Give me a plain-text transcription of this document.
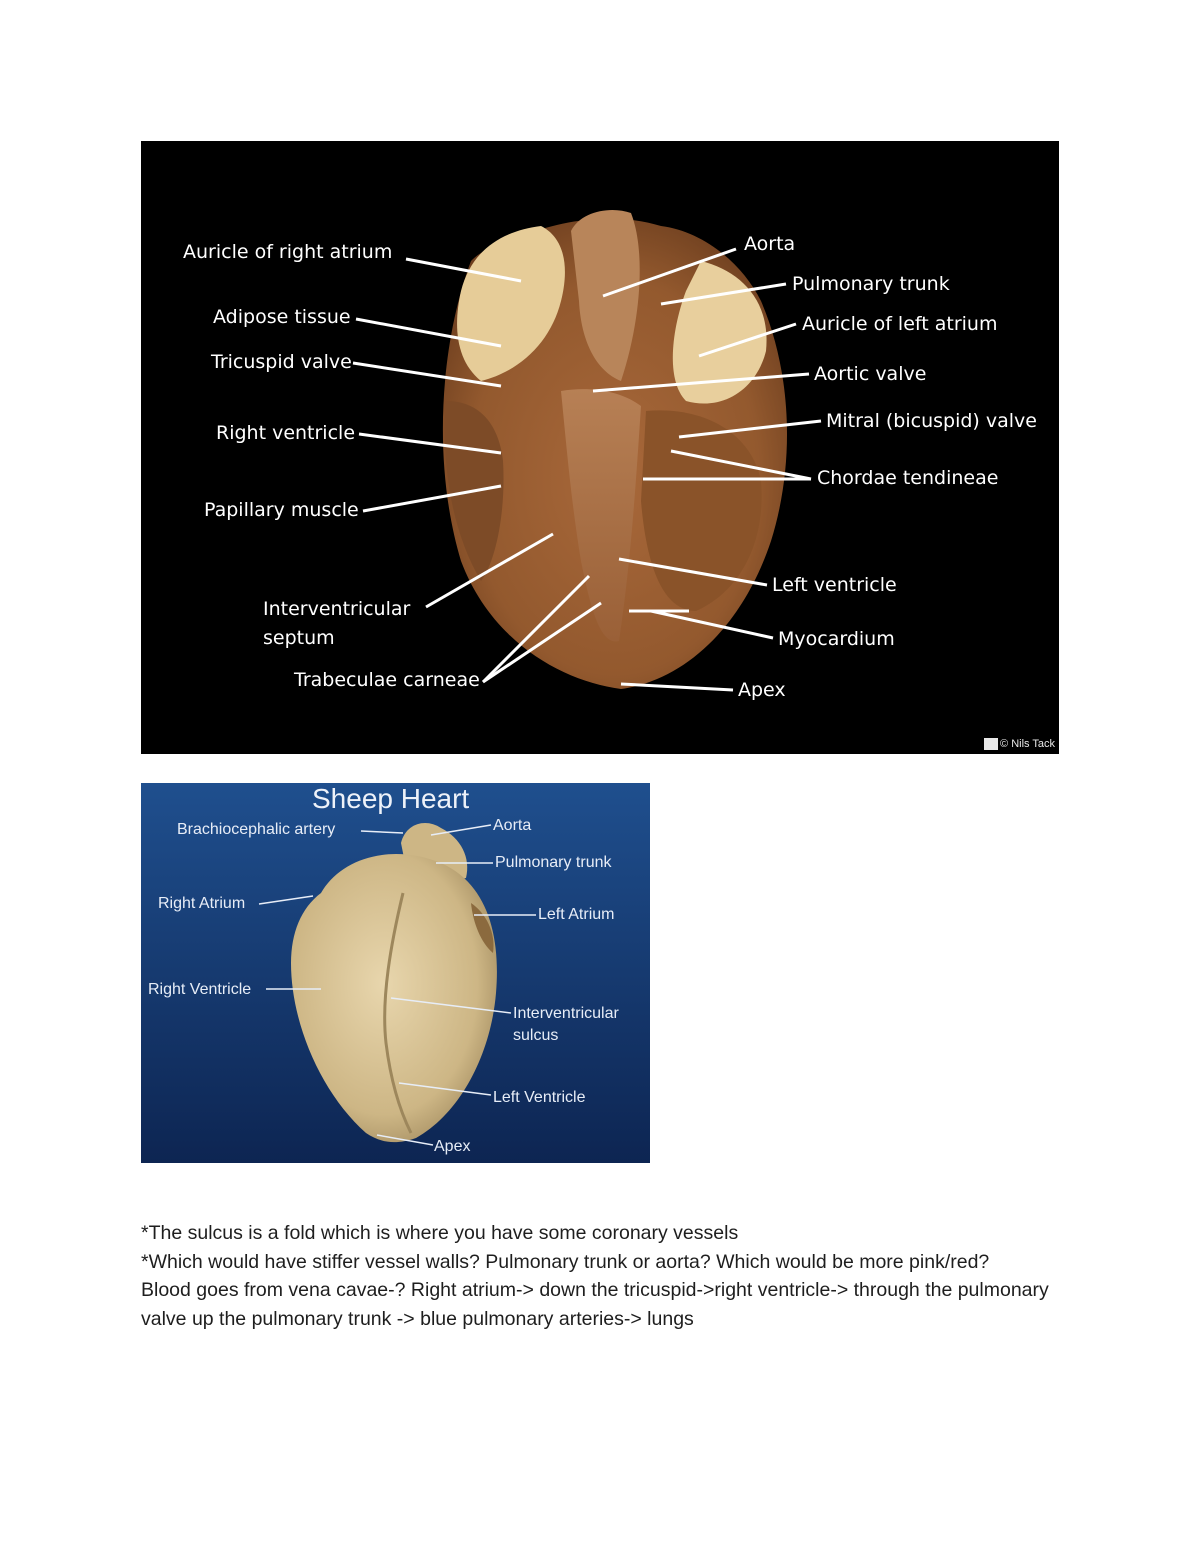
Auricle of right atrium
Adipose tissue
Tricuspid valve
Right ventricle
Papillary muscle
Interventricular septum
Trabeculae carneae
Aorta
Pulmonary trunk
Auricle of left atrium
Aortic valve
Mitral (bicuspid) valve
Chordae tendineae
Left ventricle
Myocardium
Apex
© Nils Tack
Sheep Heart
Brachiocephalic artery	Aorta
Pulmonary trunk
Right Atrium
Left Atrium
Right Ventricle
Interventricular sulcus
Left Ventricle
Apex

*The sulcus is a fold which is where you have some coronary vessels

*Which would have stiffer vessel walls? Pulmonary trunk or aorta? Which would be more pink/red?

Blood goes from vena cavae-? Right atrium-> down the tricuspid->right ventricle-> through the pulmonary valve up the pulmonary trunk -> blue pulmonary arteries-> lungs
